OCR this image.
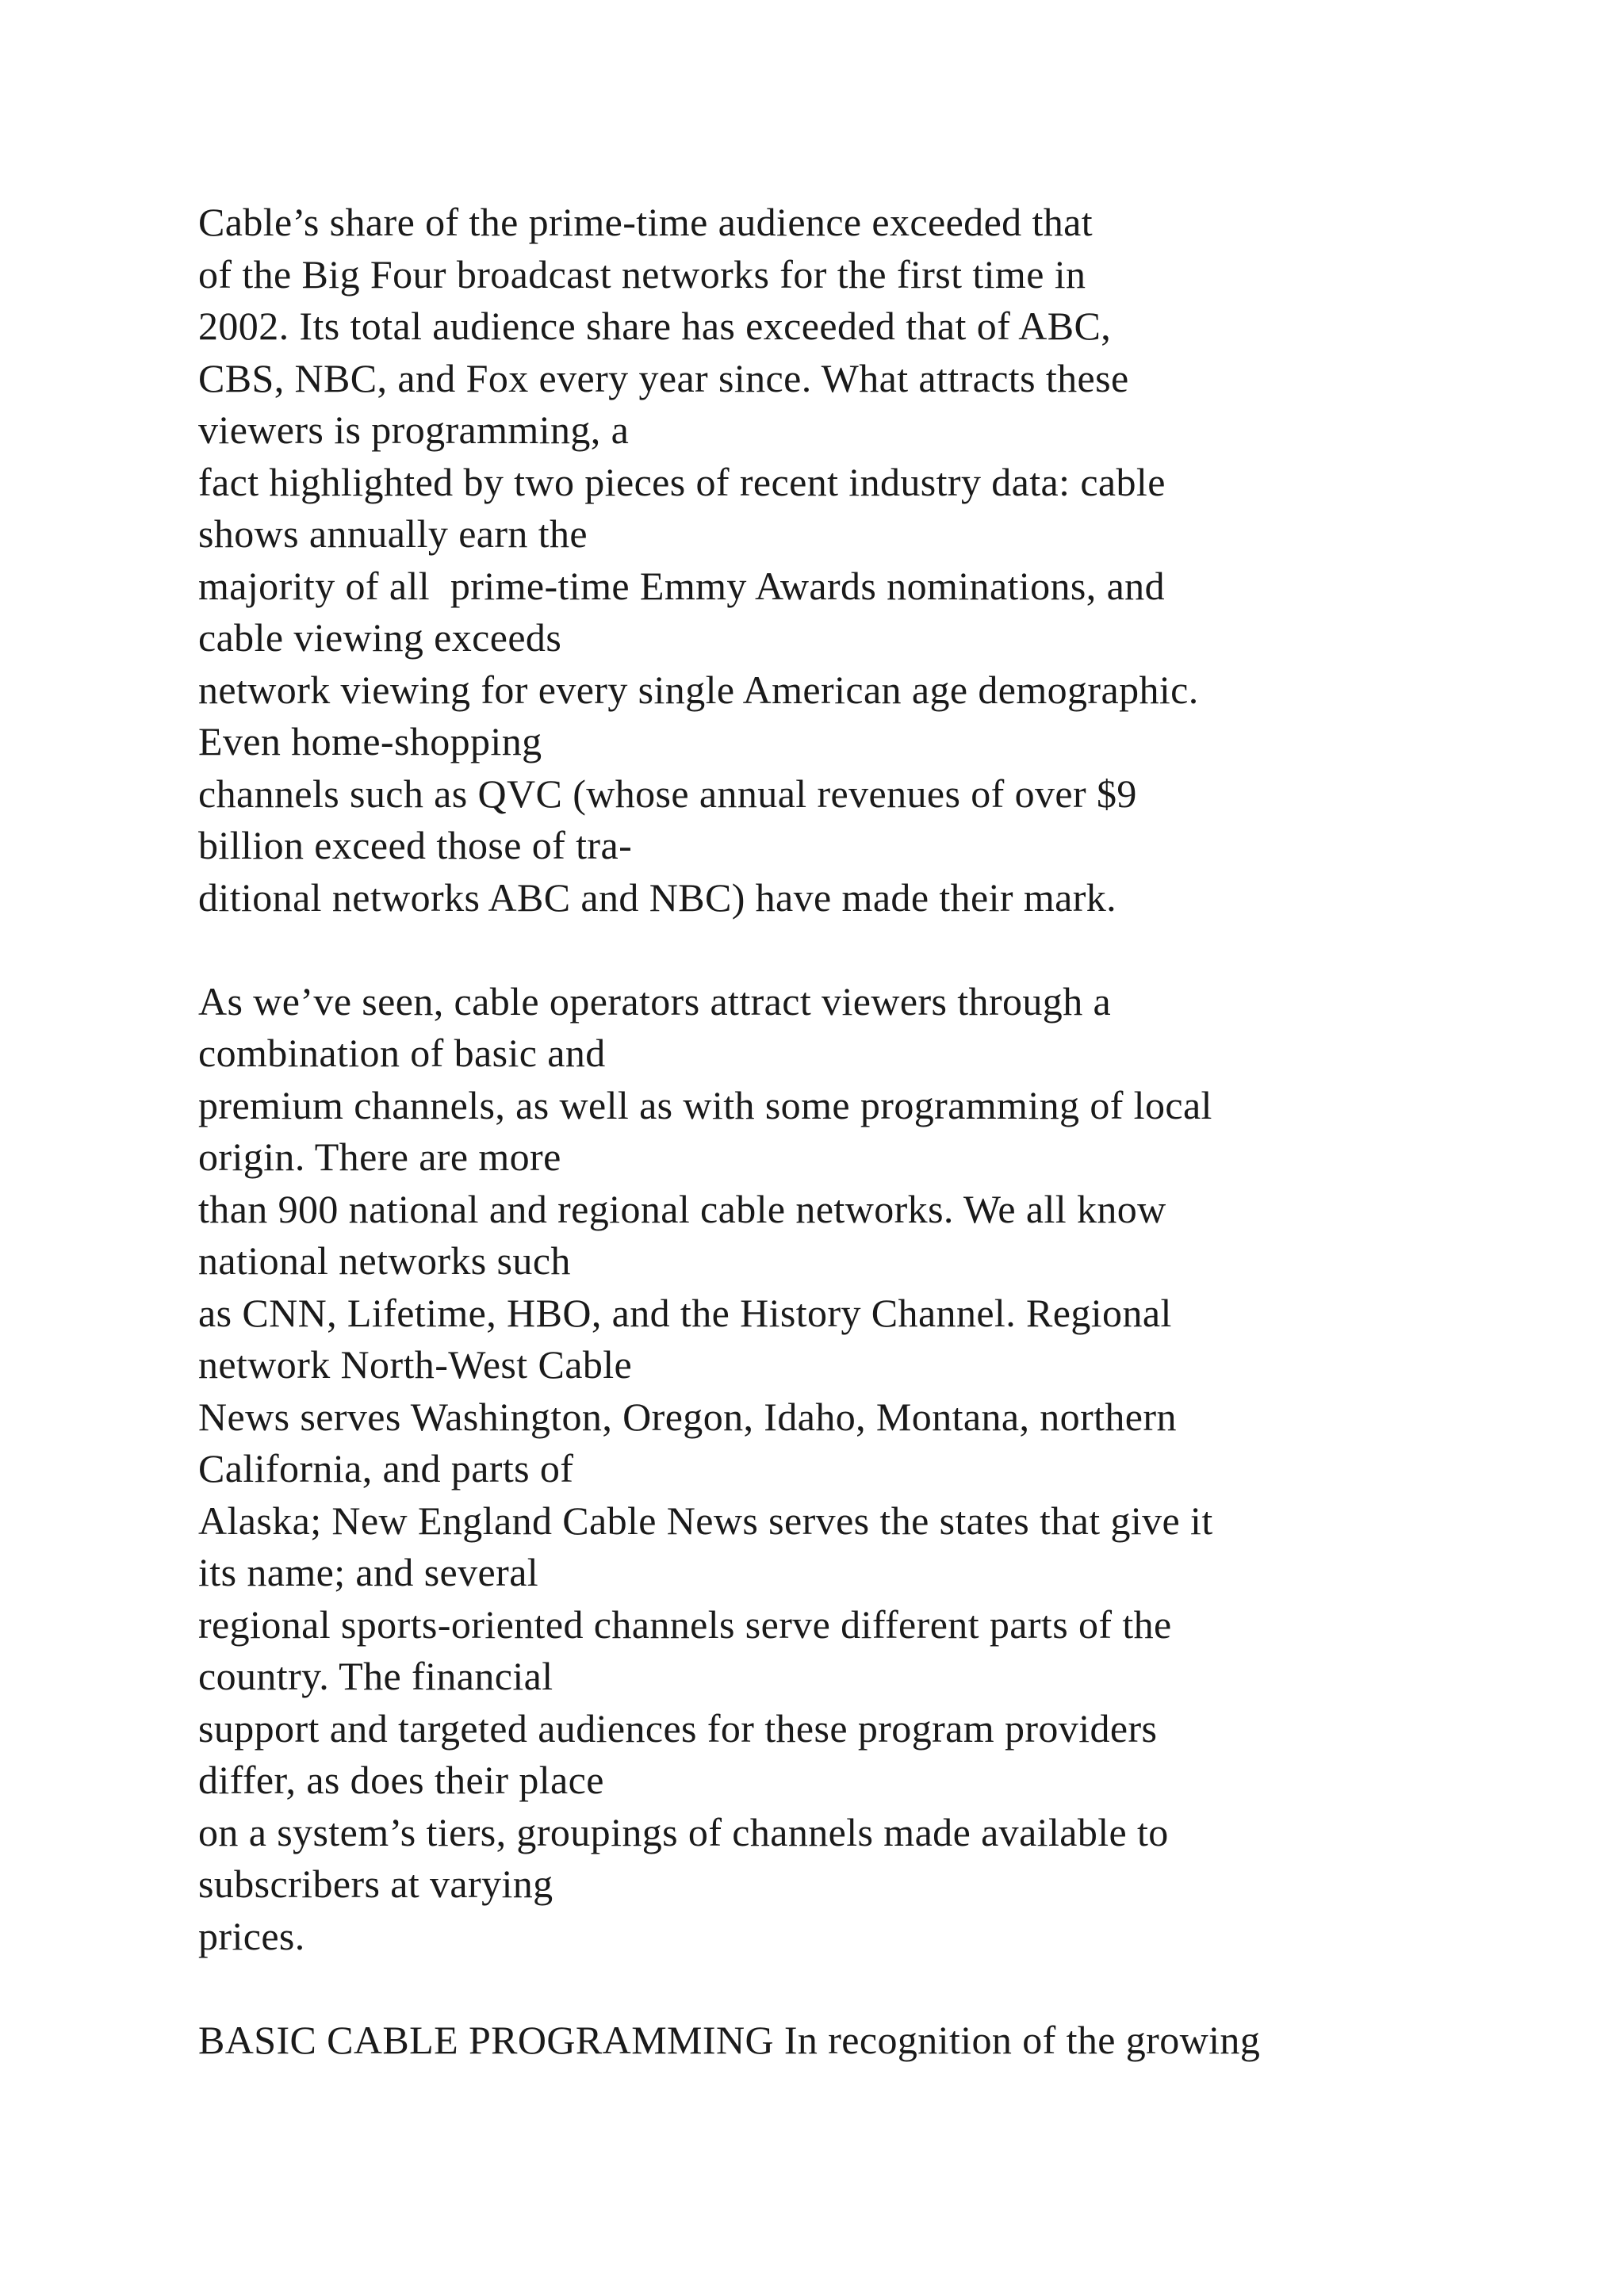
Cable’s share of the prime-time audience exceeded that
of the Big Four broadcast networks for the first time in
2002. Its total audience share has exceeded that of ABC,
CBS, NBC, and Fox every year since. What attracts these
viewers is programming, a
fact highlighted by two pieces of recent industry data: cable
shows annually earn the
majority of all  prime-time Emmy Awards nominations, and
cable viewing exceeds
network viewing for every single American age demographic.
Even home-shopping
channels such as QVC (whose annual revenues of over $9
billion exceed those of tra-
ditional networks ABC and NBC) have made their mark.
As we’ve seen, cable operators attract viewers through a
combination of basic and
premium channels, as well as with some programming of local
origin. There are more
than 900 national and regional cable networks. We all know
national networks such
as CNN, Lifetime, HBO, and the History Channel. Regional
network North-West Cable
News serves Washington, Oregon, Idaho, Montana, northern
California, and parts of
Alaska; New England Cable News serves the states that give it
its name; and several
regional sports-oriented channels serve different parts of the
country. The financial
support and targeted audiences for these program providers
differ, as does their place
on a system’s tiers, groupings of channels made available to
subscribers at varying
prices.
BASIC CABLE PROGRAMMING In recognition of the growing
